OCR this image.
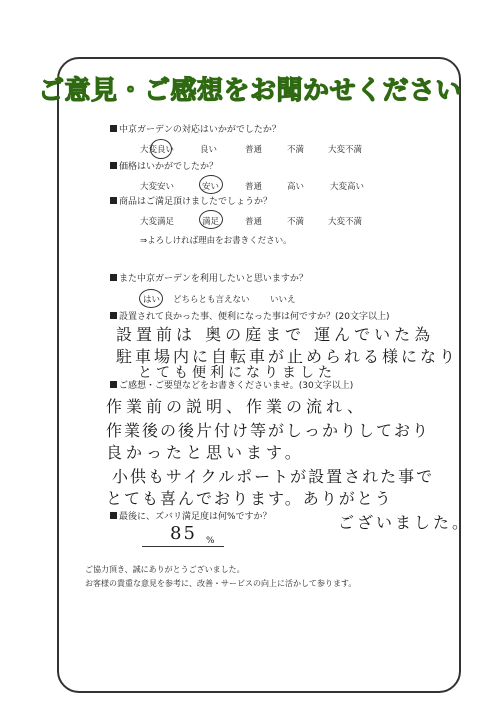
ご意見・ご感想をお聞かせください
中京ガーデンの対応はいかがでしたか？
大変良い	良い	普通	不満	大変不満
価格はいかがでしたか？
大変安い	安い	普通	高い	大変高い
商品はご満足頂けましたでしょうか？
大変満足	満足	普通	不満	大変不満
⇒よろしければ理由をお書きください。
また中京ガーデンを利用したいと思いますか？
はい どちらとも言えない いいえ
設置されて良かった事、便利になった事は何ですか？(20文字以上)
設置前は 奥の庭まで 運んでいた為
駐車場内に自転車が止められる様になり
とても便利になりました
ご感想・ご要望などをお書きくださいませ。(30文字以上)
作業前の説明、作業の流れ、
作業後の後片付け等がしっかりしており
良かったと思います。
小供もサイクルポートが設置された事で
とても喜んでおります。ありがとう
ございました。
最後に、ズバリ満足度は何%ですか？
85 %
ご協力頂き、誠にありがとうございました。
お客様の貴重な意見を参考に、改善・サービスの向上に活かして参ります。
